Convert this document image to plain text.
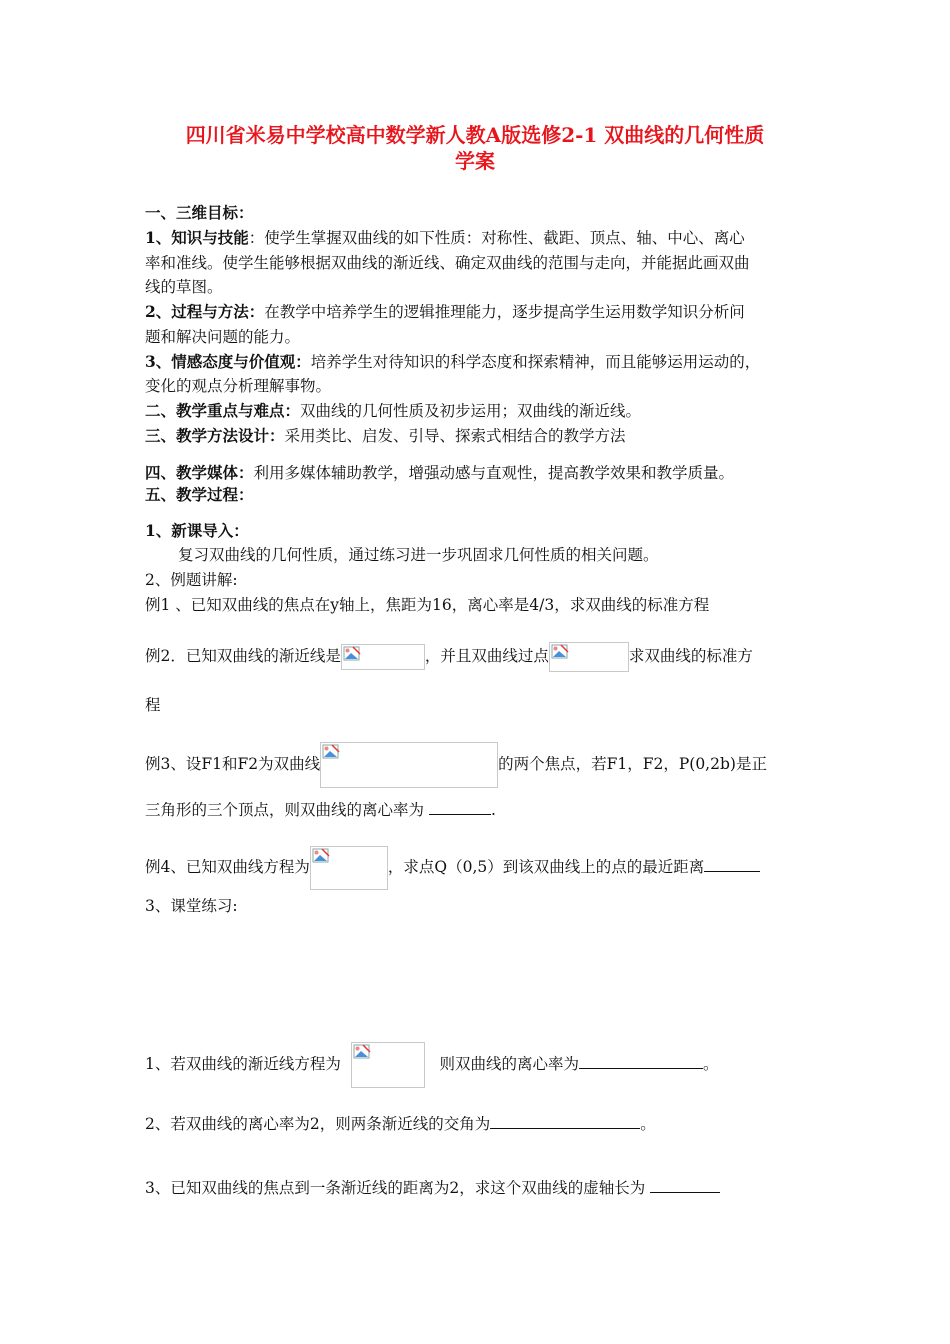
四川省米易中学校高中数学新人教A版选修2-1 双曲线的几何性质
学案
一、三维目标：
1、知识与技能：使学生掌握双曲线的如下性质：对称性、截距、顶点、轴、中心、离心
率和准线。使学生能够根据双曲线的渐近线、确定双曲线的范围与走向，并能据此画双曲
线的草图。
2、过程与方法：在教学中培养学生的逻辑推理能力，逐步提高学生运用数学知识分析问
题和解决问题的能力。
3、情感态度与价值观：培养学生对待知识的科学态度和探索精神，而且能够运用运动的，
变化的观点分析理解事物。
二、教学重点与难点：双曲线的几何性质及初步运用；双曲线的渐近线。
三、教学方法设计：采用类比、启发、引导、探索式相结合的教学方法
四、教学媒体：利用多媒体辅助教学，增强动感与直观性，提高教学效果和教学质量。
五、教学过程：
1、新课导入：
复习双曲线的几何性质，通过练习进一步巩固求几何性质的相关问题。
2、例题讲解:
例1 、已知双曲线的焦点在y轴上，焦距为16，离心率是4/3，求双曲线的标准方程
例2．已知双曲线的渐近线是	，并且双曲线过点	求双曲线的标准方
程
例3、设F1和F2为双曲线	的两个焦点，若F1，F2，P(0,2b)是正
三角形的三个顶点，则双曲线的离心率为	.
例4、已知双曲线方程为	，求点Q（0,5）到该双曲线上的点的最近距离
3、课堂练习:
1、若双曲线的渐近线方程为	则双曲线的离心率为	。
2、若双曲线的离心率为2，则两条渐近线的交角为	。
3、已知双曲线的焦点到一条渐近线的距离为2，求这个双曲线的虚轴长为
